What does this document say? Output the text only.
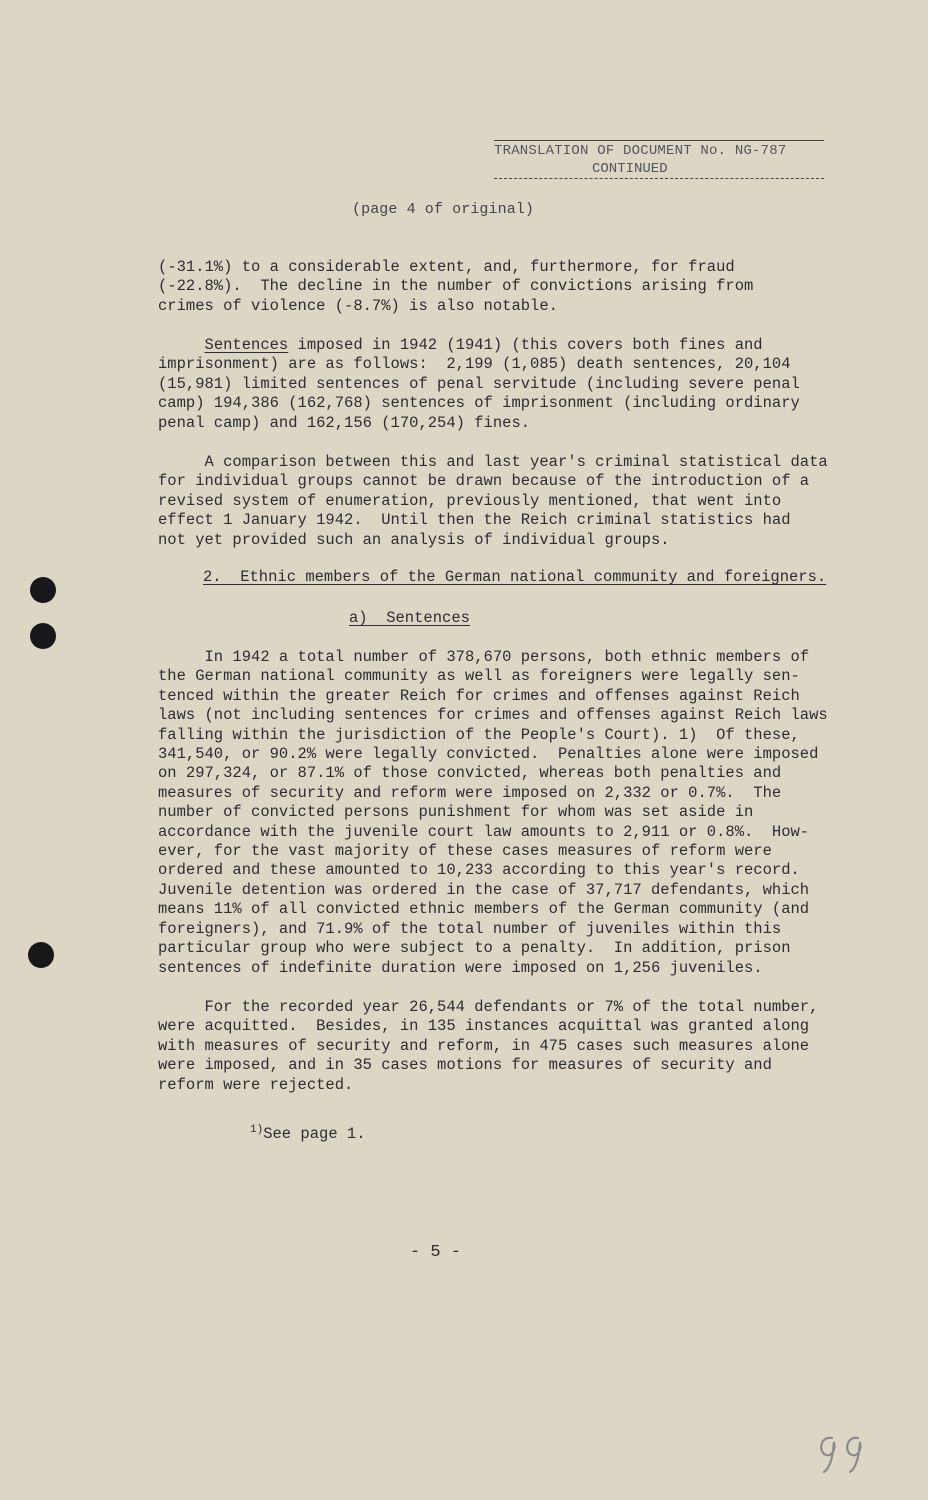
TRANSLATION OF DOCUMENT No. NG-787
CONTINUED
(page 4 of original)
(-31.1%) to a considerable extent, and, furthermore, for fraud
(-22.8%).  The decline in the number of convictions arising from
crimes of violence (-8.7%) is also notable.
Sentences imposed in 1942 (1941) (this covers both fines and
imprisonment) are as follows:  2,199 (1,085) death sentences, 20,104
(15,981) limited sentences of penal servitude (including severe penal
camp) 194,386 (162,768) sentences of imprisonment (including ordinary
penal camp) and 162,156 (170,254) fines.
A comparison between this and last year's criminal statistical data
for individual groups cannot be drawn because of the introduction of a
revised system of enumeration, previously mentioned, that went into
effect 1 January 1942.  Until then the Reich criminal statistics had
not yet provided such an analysis of individual groups.
2.  Ethnic members of the German national community and foreigners.
a)  Sentences
In 1942 a total number of 378,670 persons, both ethnic members of
the German national community as well as foreigners were legally sen-
tenced within the greater Reich for crimes and offenses against Reich
laws (not including sentences for crimes and offenses against Reich laws
falling within the jurisdiction of the People's Court). 1)  Of these,
341,540, or 90.2% were legally convicted.  Penalties alone were imposed
on 297,324, or 87.1% of those convicted, whereas both penalties and
measures of security and reform were imposed on 2,332 or 0.7%.  The
number of convicted persons punishment for whom was set aside in
accordance with the juvenile court law amounts to 2,911 or 0.8%.  How-
ever, for the vast majority of these cases measures of reform were
ordered and these amounted to 10,233 according to this year's record.
Juvenile detention was ordered in the case of 37,717 defendants, which
means 11% of all convicted ethnic members of the German community (and
foreigners), and 71.9% of the total number of juveniles within this
particular group who were subject to a penalty.  In addition, prison
sentences of indefinite duration were imposed on 1,256 juveniles.
For the recorded year 26,544 defendants or 7% of the total number,
were acquitted.  Besides, in 135 instances acquittal was granted along
with measures of security and reform, in 475 cases such measures alone
were imposed, and in 35 cases motions for measures of security and
reform were rejected.
$^{1)}$See page 1.
- 5 -
